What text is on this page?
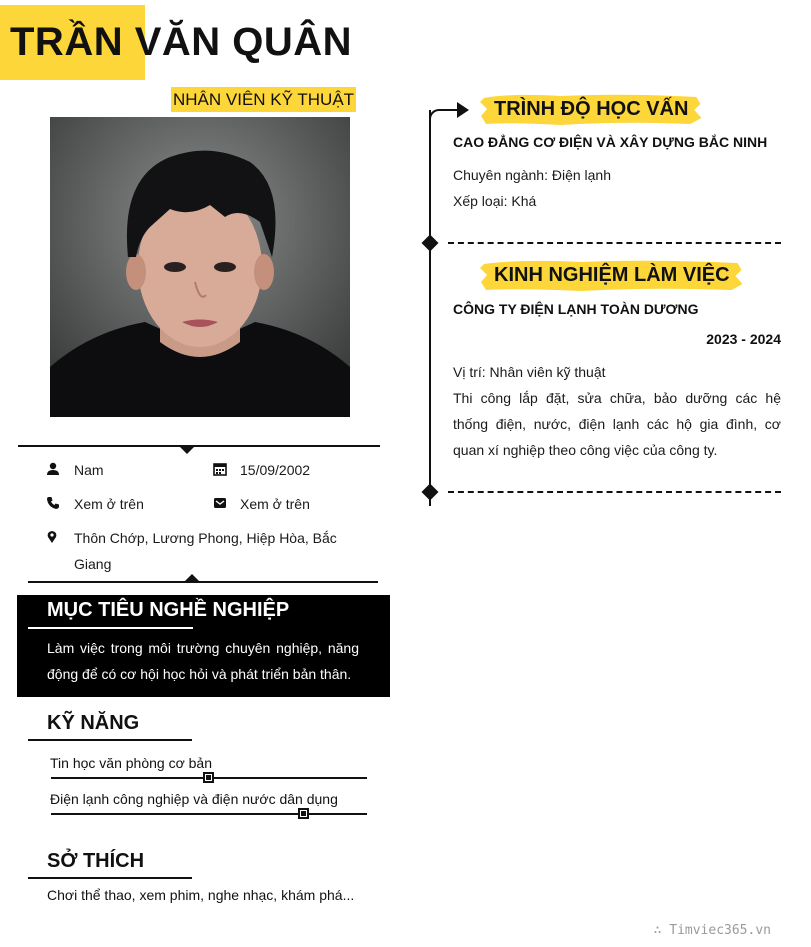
TRẦN VĂN QUÂN
NHÂN VIÊN KỸ THUẬT
Nam	15/09/2002
Xem ở trên	Xem ở trên
Thôn Chớp, Lương Phong, Hiệp Hòa, Bắc Giang
MỤC TIÊU NGHỀ NGHIỆP
Làm việc trong môi trường chuyên nghiệp, năng động để có cơ hội học hỏi và phát triển bản thân.
KỸ NĂNG
Tin học văn phòng cơ bản
Điện lạnh công nghiệp và điện nước dân dụng
SỞ THÍCH
Chơi thể thao, xem phim, nghe nhạc, khám phá...
TRÌNH ĐỘ HỌC VẤN
CAO ĐẲNG CƠ ĐIỆN VÀ XÂY DỰNG BẮC NINH
Chuyên ngành: Điện lạnh
Xếp loại: Khá
KINH NGHIỆM LÀM VIỆC
CÔNG TY ĐIỆN LẠNH TOÀN DƯƠNG
2023 - 2024
Vị trí: Nhân viên kỹ thuật
Thi công lắp đặt, sửa chữa, bảo dưỡng các hệ thống điện, nước, điện lạnh các hộ gia đình, cơ quan xí nghiệp theo công việc của công ty.
∴ Timviec365.vn
